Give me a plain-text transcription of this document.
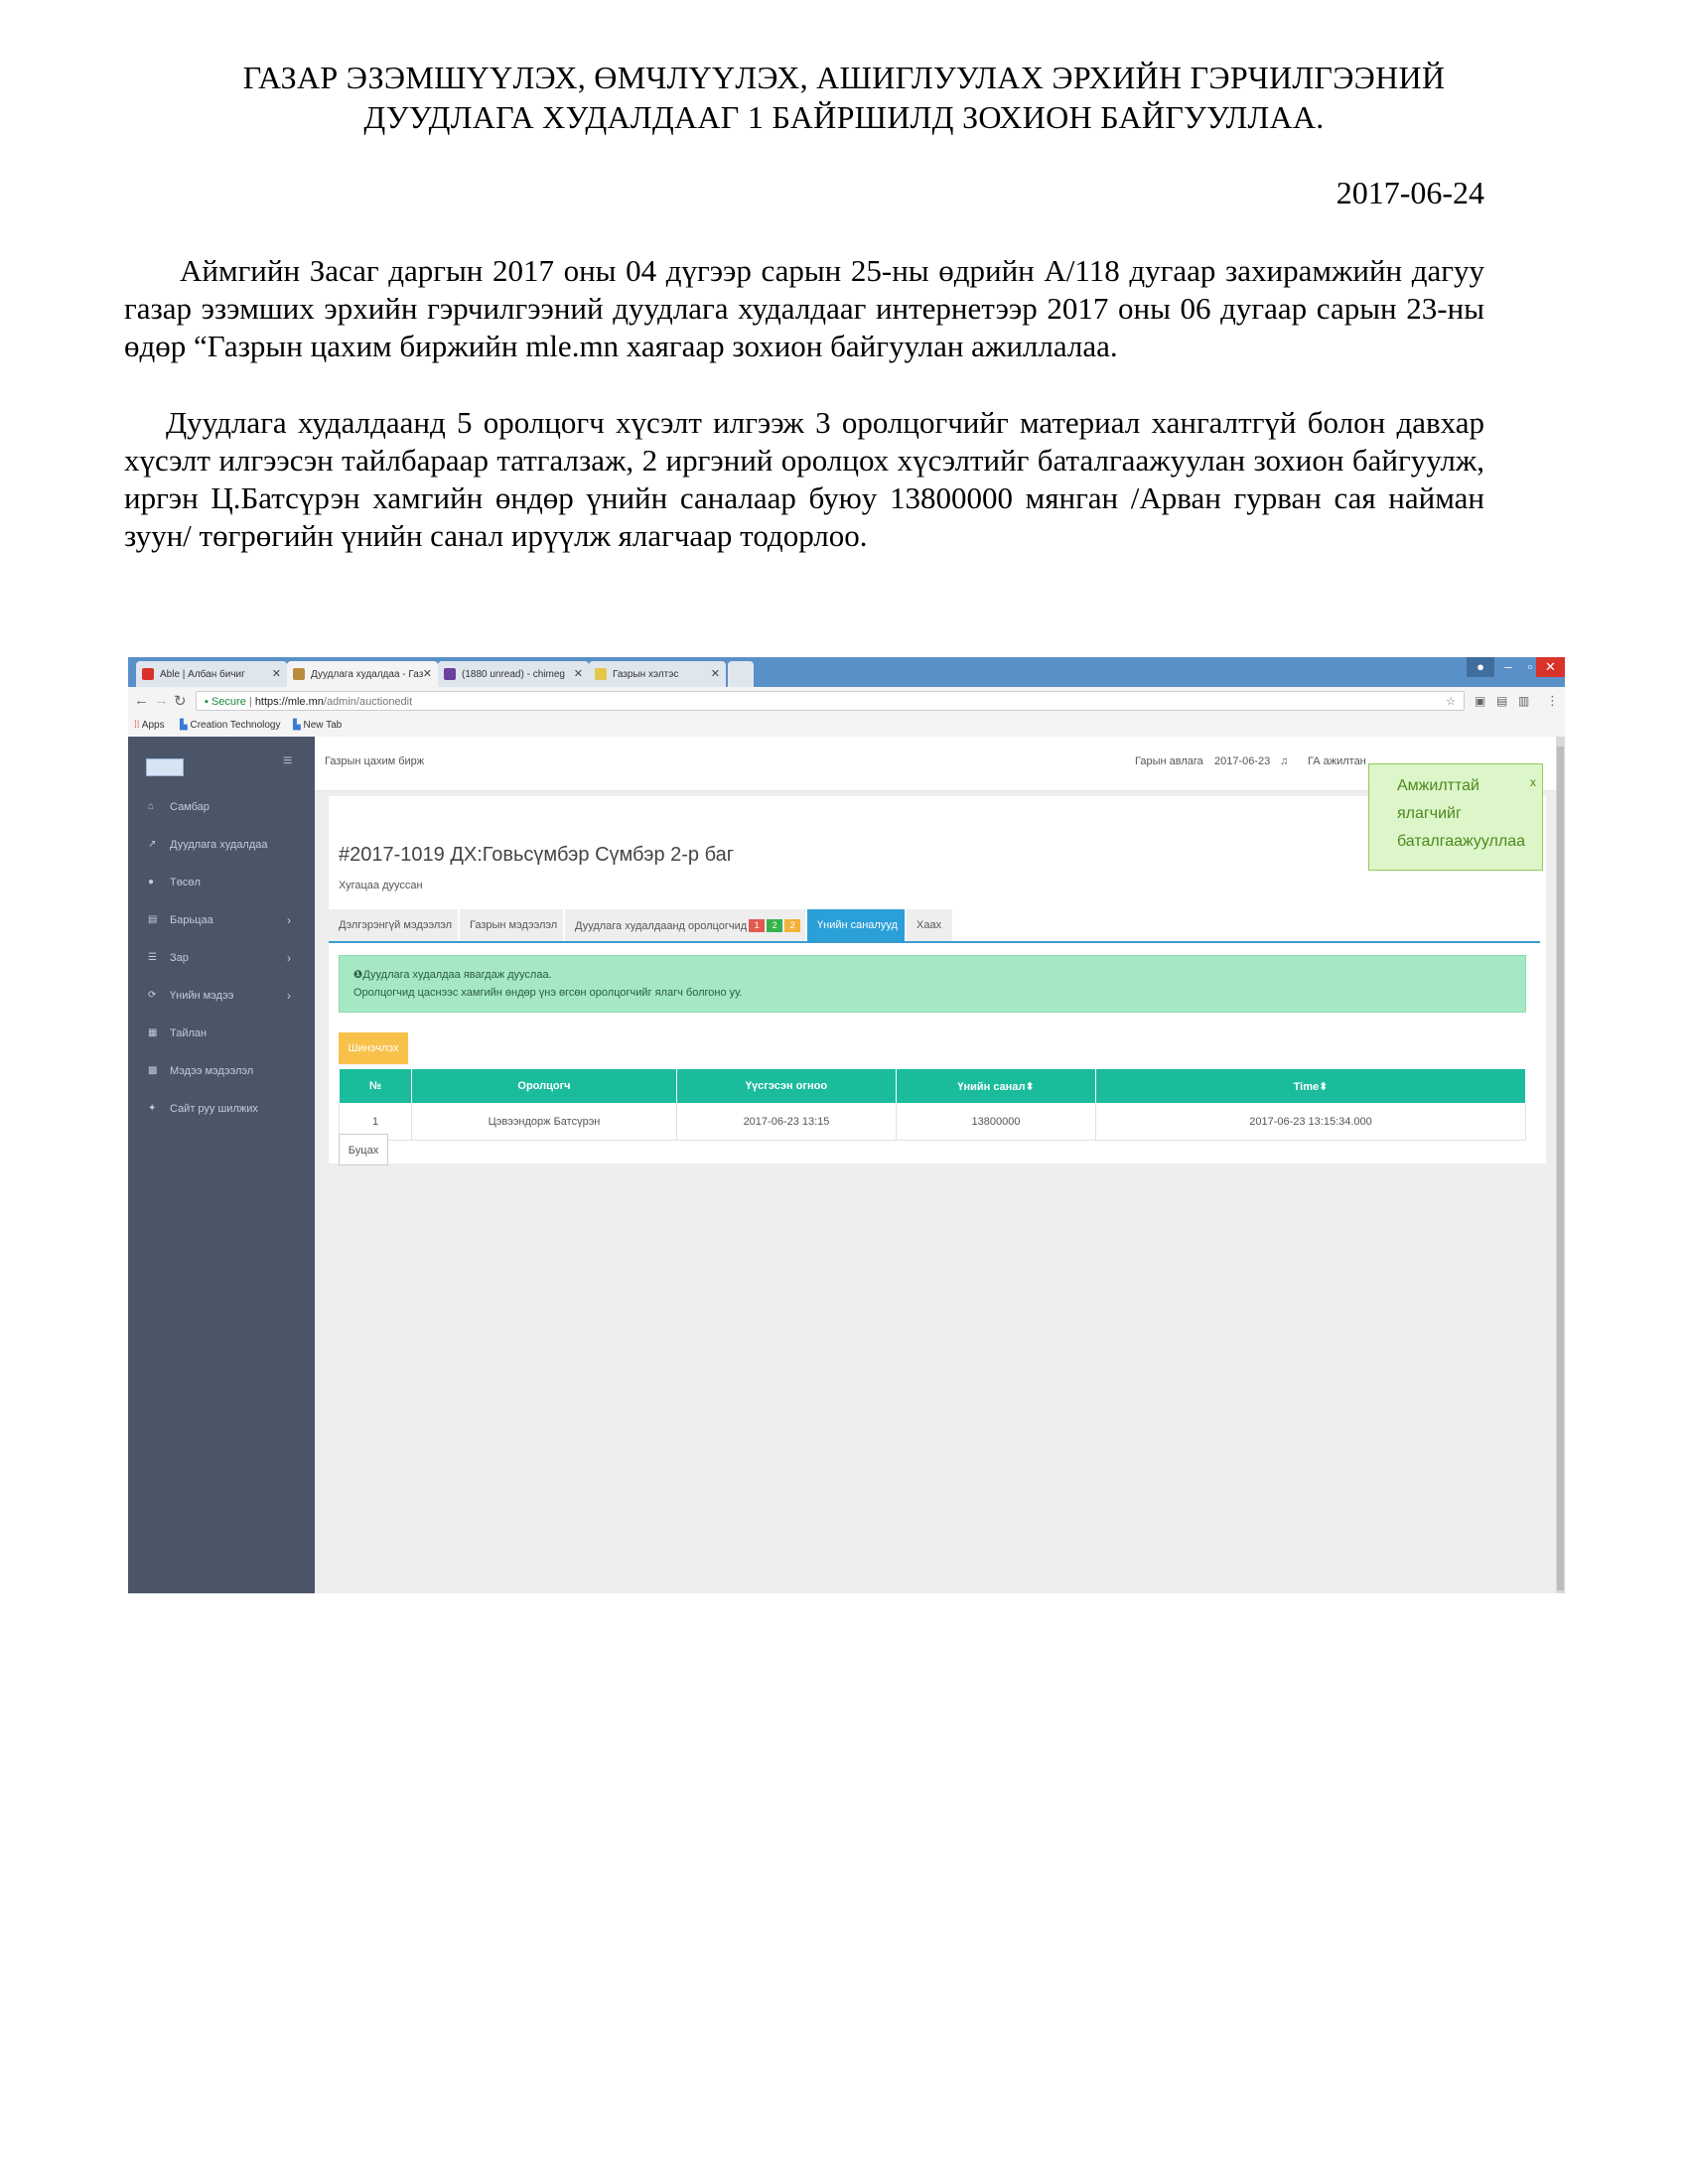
ГАЗАР ЭЗЭМШҮҮЛЭХ, ӨМЧЛҮҮЛЭХ, АШИГЛУУЛАХ ЭРХИЙН ГЭРЧИЛГЭЭНИЙ
ДУУДЛАГА ХУДАЛДААГ 1 БАЙРШИЛД ЗОХИОН БАЙГУУЛЛАА.
2017-06-24
Аймгийн Засаг даргын 2017 оны 04 дүгээр сарын 25-ны өдрийн А/118 дугаар захирамжийн дагуу газар эзэмших эрхийн гэрчилгээний дуудлага худалдааг интернетээр 2017 оны 06 дугаар сарын 23-ны өдөр “Газрын цахим биржийн mle.mn хаягаар зохион байгуулан ажиллалаа.
Дуудлага худалдаанд 5 оролцогч хүсэлт илгээж 3 оролцогчийг материал хангалтгүй болон давхар хүсэлт илгээсэн тайлбараар татгалзаж, 2 иргэний оролцох хүсэлтийг баталгаажуулан зохион байгуулж, иргэн Ц.Батсүрэн хамгийн өндөр үнийн саналаар буюу 13800000 мянган /Арван гурван сая найман зуун/ төгрөгийн үнийн санал ирүүлж ялагчаар тодорлоо.
Able | Албан бичиг ✕	Дуудлага худалдаа - Газ ✕	(1880 unread) - chimeg ✕	Газрын хэлтэс	✕	●	–	▫ ✕
← → ↻	▪ Secure | https://mle.mn/admin/auctionedit	☆ ▣ ▤ ▥ ⋮
⁞⁞ Apps ▙ Creation Technology ▙ New Tab
≡
⌂ Самбар
↗ Дуудлага худалдаа
● Төсөл
▤ Барьцаа	›
☰ Зар	›
⟳ Үнийн мэдээ	›
▦ Тайлан
▩ Мэдээ мэдээлэл
✦ Сайт руу шилжих
Газрын цахим бирж	Гарын авлага 2017-06-23 ♫ ГА ажилтан
#2017-1019 ДХ:Говьсүмбэр Сүмбэр 2-р баг
Хугацаа дууссан
Дэлгэрэнгүй мэдээлэл	Газрын мэдээлэл	Дуудлага худалдаанд оролцогчид 1 2 2	Үнийн саналууд	Хаах
❶Дуудлага худалдаа явагдаж дууслаа.
Оролцогчид цаснээс хамгийн өндөр үнэ өгсөн оролцогчийг ялагч болгоно уу.
Шинэчлэх
№	Оролцогч	Үүсгэсэн огноо	Үнийн санал⬍	Time⬍
1	Цэвээндорж Батсүрэн	2017-06-23 13:15	13800000	2017-06-23 13:15:34.000
Буцах
x
Амжилттай
ялагчийг
баталгаажууллаа
